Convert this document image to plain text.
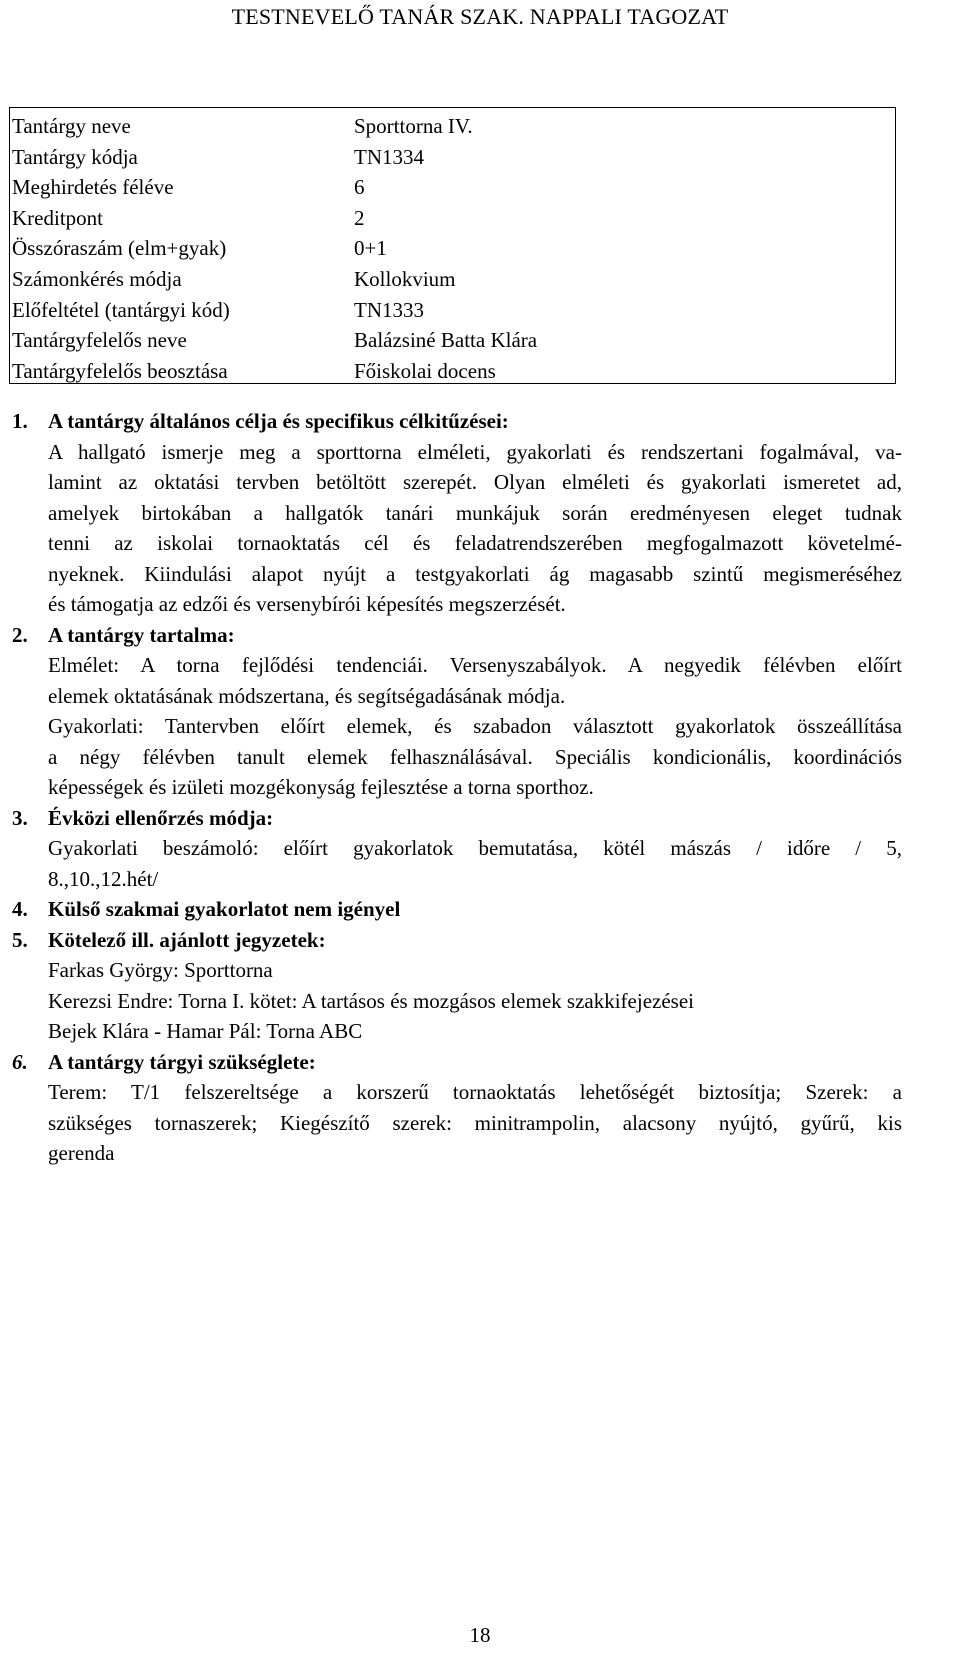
TESTNEVELŐ TANÁR SZAK. NAPPALI TAGOZAT
Tantárgy neve	Sporttorna IV.
Tantárgy kódja	TN1334
Meghirdetés féléve	6
Kreditpont	2
Összóraszám (elm+gyak)	0+1
Számonkérés módja	Kollokvium
Előfeltétel (tantárgyi kód)	TN1333
Tantárgyfelelős neve	Balázsiné Batta Klára
Tantárgyfelelős beosztása	Főiskolai docens
1. A tantárgy általános célja és specifikus célkitűzései:
A hallgató ismerje meg a sporttorna elméleti, gyakorlati és rendszertani fogalmával, va-
lamint az oktatási tervben betöltött szerepét. Olyan elméleti és gyakorlati ismeretet ad,
amelyek birtokában a hallgatók tanári munkájuk során eredményesen eleget tudnak
tenni az iskolai tornaoktatás cél és feladatrendszerében megfogalmazott követelmé-
nyeknek. Kiindulási alapot nyújt a testgyakorlati ág magasabb szintű megismeréséhez
és támogatja az edzői és versenybírói képesítés megszerzését.
2. A tantárgy tartalma:
Elmélet: A torna fejlődési tendenciái. Versenyszabályok. A negyedik félévben előírt
elemek oktatásának módszertana, és segítségadásának módja.
Gyakorlati: Tantervben előírt elemek, és szabadon választott gyakorlatok összeállítása
a négy félévben tanult elemek felhasználásával. Speciális kondicionális, koordinációs
képességek és izületi mozgékonyság fejlesztése a torna sporthoz.
3. Évközi ellenőrzés módja:
Gyakorlati beszámoló: előírt gyakorlatok bemutatása, kötél mászás / időre / 5,
8.,10.,12.hét/
4. Külső szakmai gyakorlatot nem igényel
5. Kötelező ill. ajánlott jegyzetek:
Farkas György: Sporttorna
Kerezsi Endre: Torna I. kötet: A tartásos és mozgásos elemek szakkifejezései
Bejek Klára - Hamar Pál: Torna ABC
6. A tantárgy tárgyi szükséglete:
Terem: T/1 felszereltsége a korszerű tornaoktatás lehetőségét biztosítja; Szerek: a
szükséges tornaszerek; Kiegészítő szerek: minitrampolin, alacsony nyújtó, gyűrű, kis
gerenda
18
